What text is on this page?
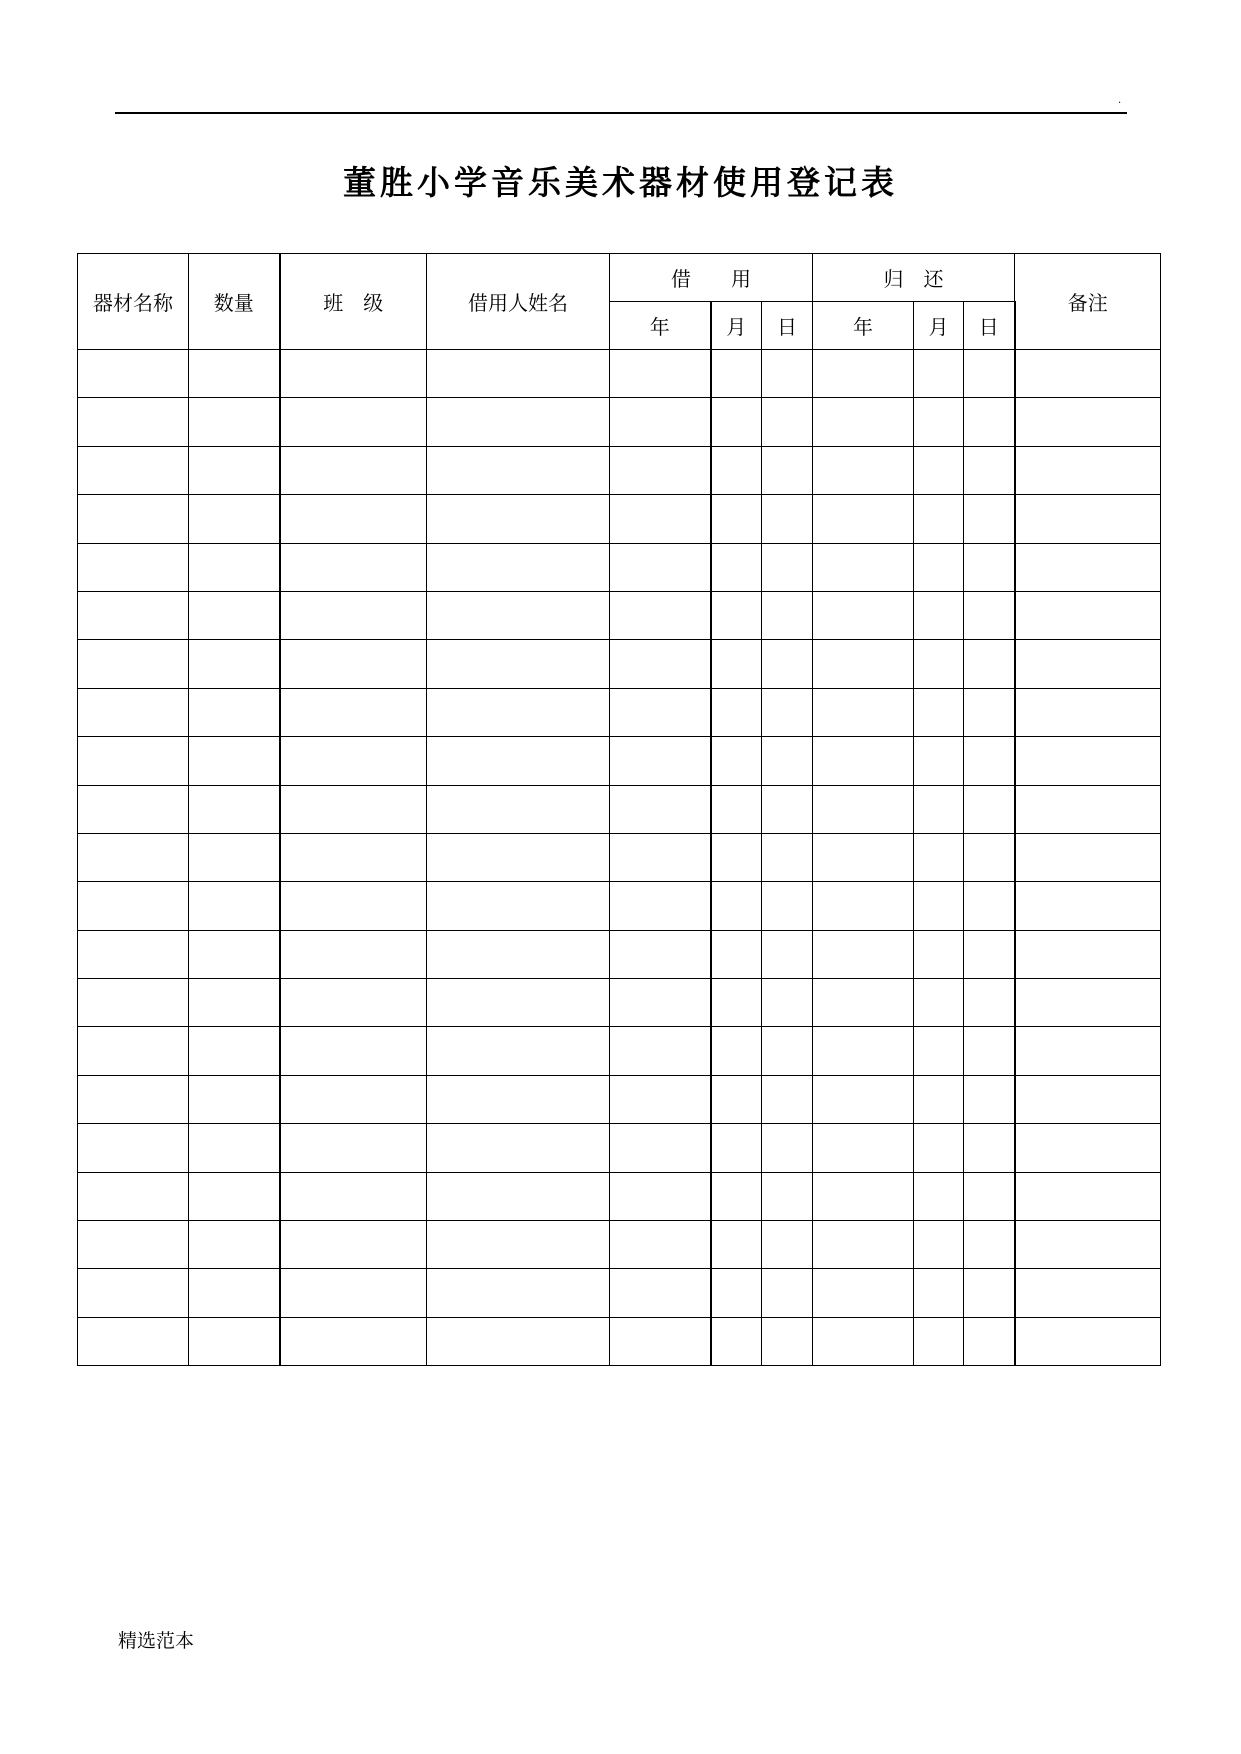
.
董胜小学音乐美术器材使用登记表
器材名称	数量	班　级	借用人姓名	借　　用			归　还			备注
				年	月	日	年	月	日	

精选范本
